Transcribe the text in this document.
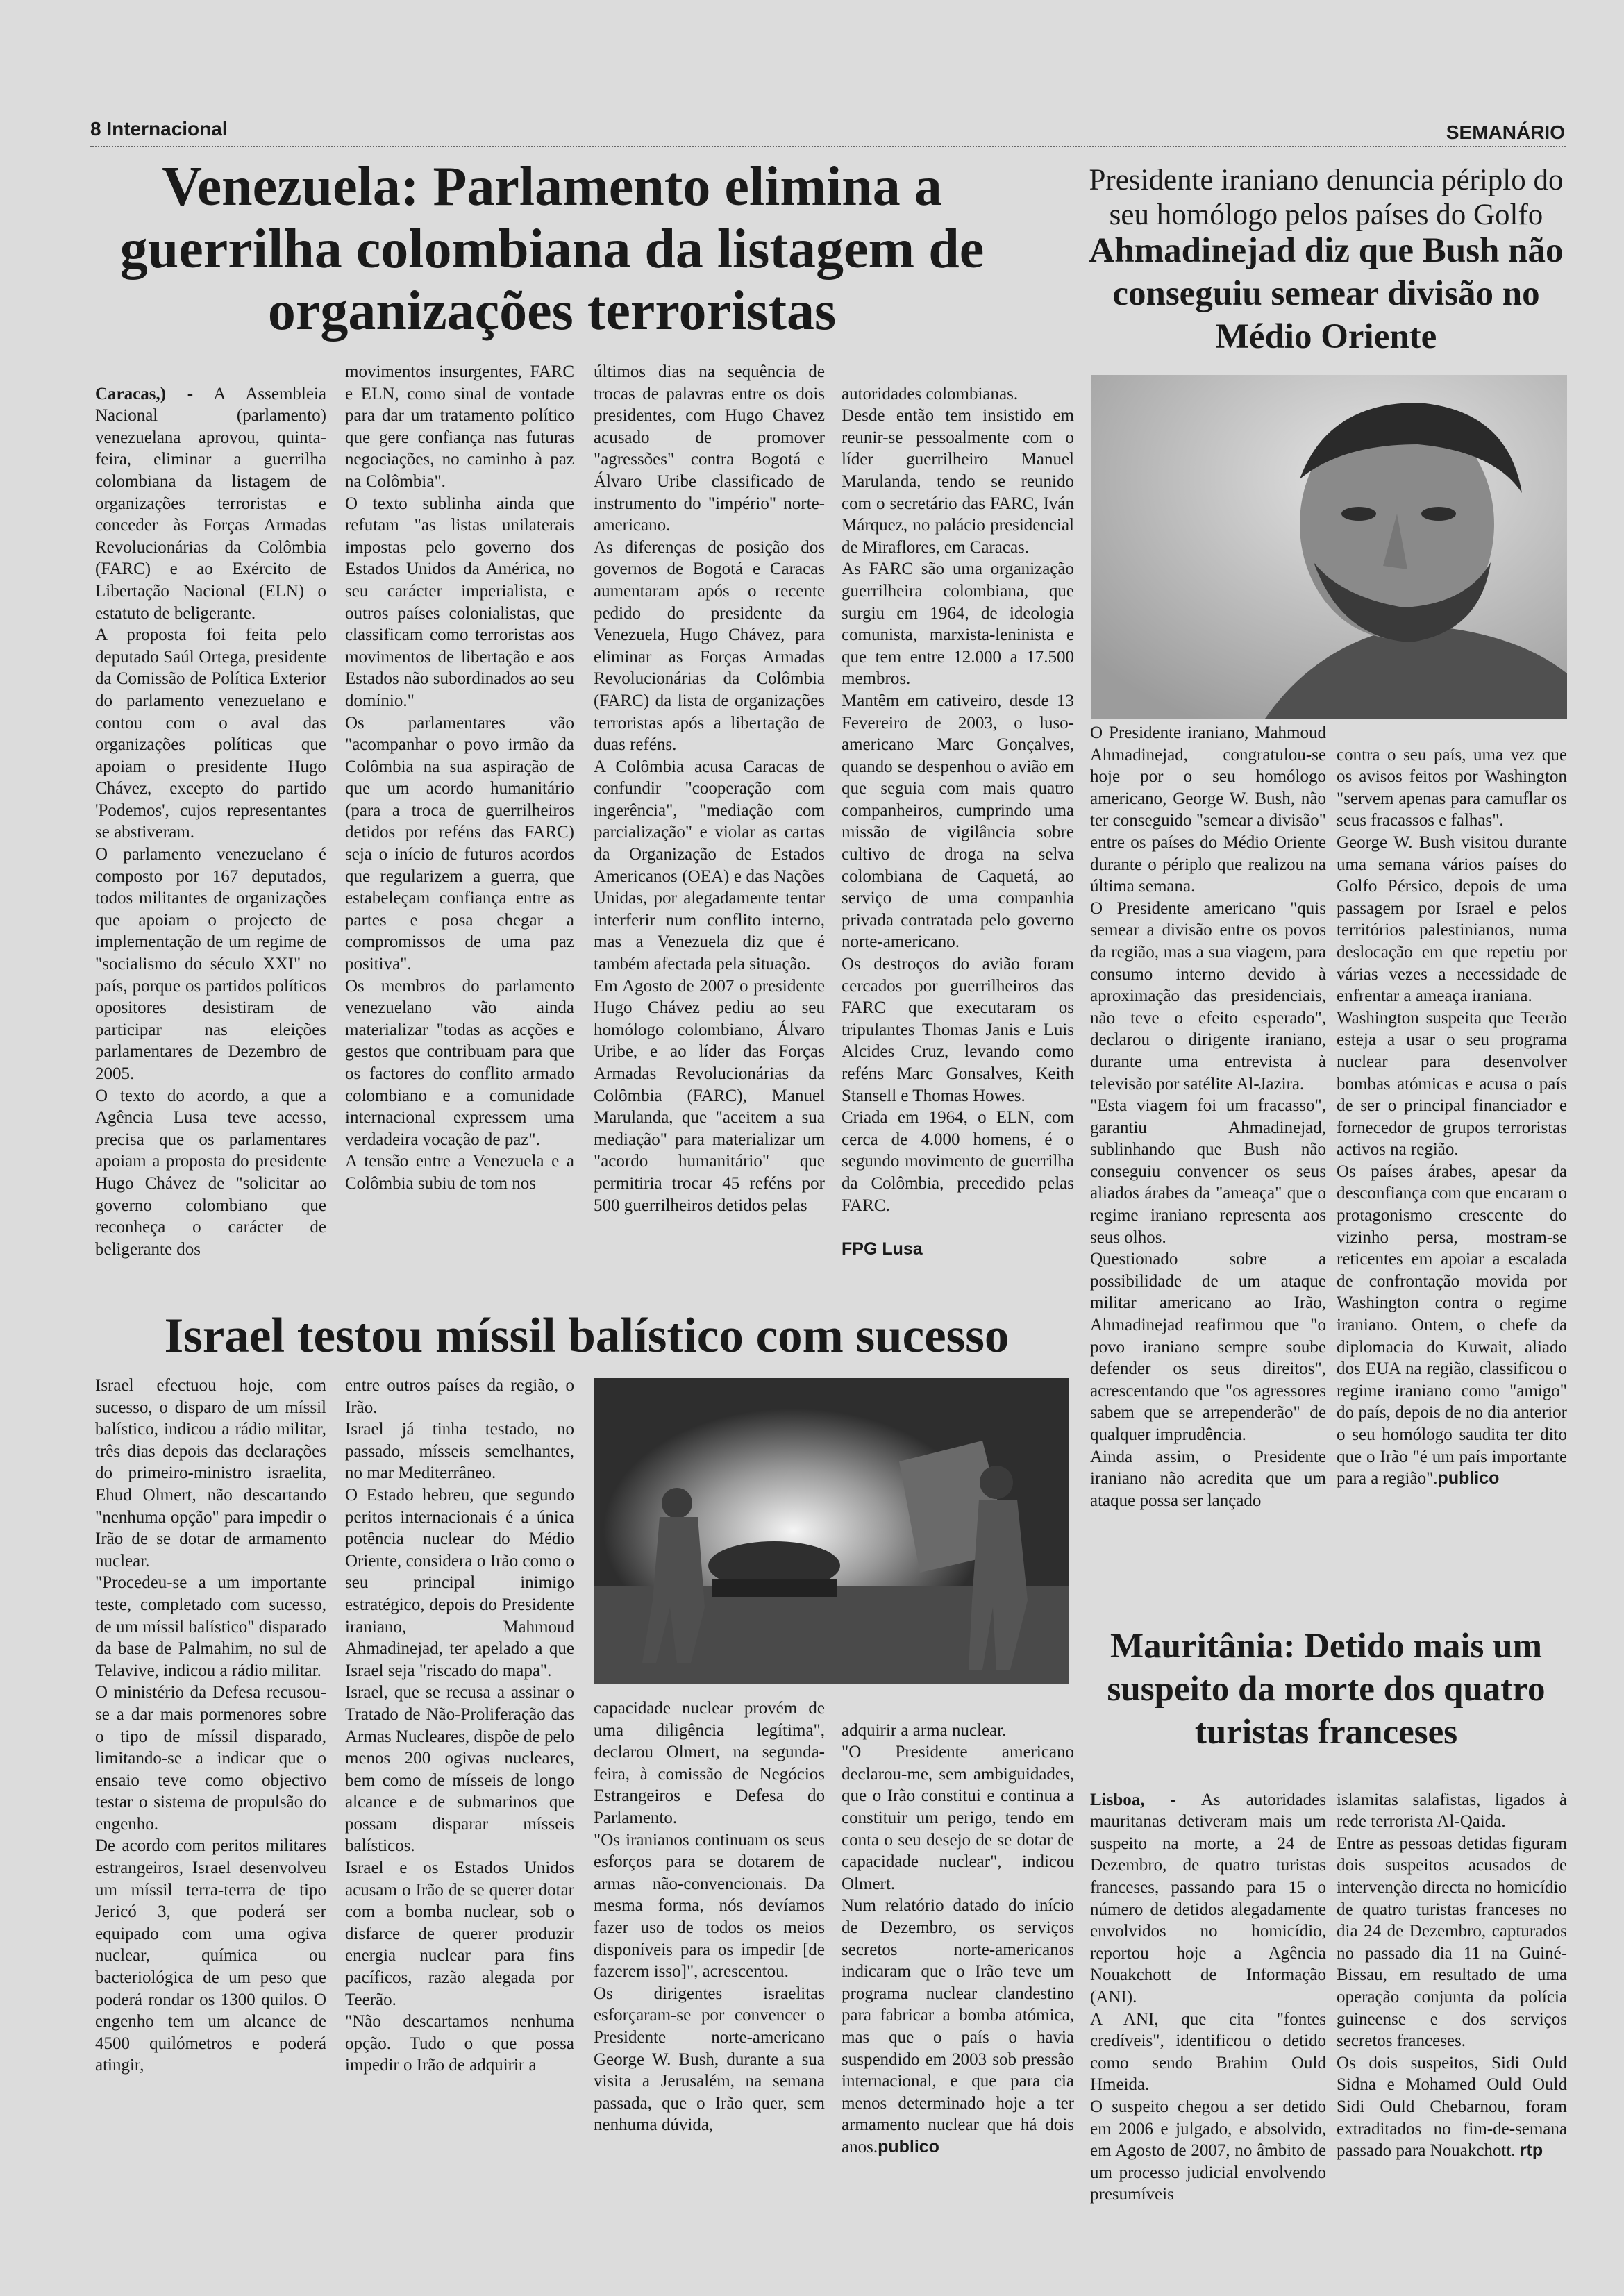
8 Internacional	SEMANÁRIO
Venezuela: Parlamento elimina a
guerrilha colombiana da listagem de
organizações terroristas

Caracas,) - A Assembleia Nacional (parlamento) venezuelana aprovou, quinta-feira, eliminar a guerrilha colombiana da listagem de organizações terroristas e conceder às Forças Armadas Revolucionárias da Colômbia (FARC) e ao Exército de Libertação Nacional (ELN) o estatuto de beligerante.
A proposta foi feita pelo deputado Saúl Ortega, presidente da Comissão de Política Exterior do parlamento venezuelano e contou com o aval das organizações políticas que apoiam o presidente Hugo Chávez, excepto do partido 'Podemos', cujos representantes se abstiveram.
O parlamento venezuelano é composto por 167 deputados, todos militantes de organizações que apoiam o projecto de implementação de um regime de "socialismo do século XXI" no país, porque os partidos políticos opositores desistiram de participar nas eleições parlamentares de Dezembro de 2005.
O texto do acordo, a que a Agência Lusa teve acesso, precisa que os parlamentares apoiam a proposta do presidente Hugo Chávez de "solicitar ao governo colombiano que reconheça o carácter de beligerante dos

movimentos insurgentes, FARC e ELN, como sinal de vontade para dar um tratamento político que gere confiança nas futuras negociações, no caminho à paz na Colômbia".
O texto sublinha ainda que refutam "as listas unilaterais impostas pelo governo dos Estados Unidos da América, no seu carácter imperialista, e outros países colonialistas, que classificam como terroristas aos movimentos de libertação e aos Estados não subordinados ao seu domínio."
Os parlamentares vão "acompanhar o povo irmão da Colômbia na sua aspiração de que um acordo humanitário (para a troca de guerrilheiros detidos por reféns das FARC) seja o início de futuros acordos que regularizem a guerra, que estabeleçam confiança entre as partes e posa chegar a compromissos de uma paz positiva".
Os membros do parlamento venezuelano vão ainda materializar "todas as acções e gestos que contribuam para que os factores do conflito armado colombiano e a comunidade internacional expressem uma verdadeira vocação de paz".
A tensão entre a Venezuela e a Colômbia subiu de tom nos
últimos dias na sequência de trocas de palavras entre os dois presidentes, com Hugo Chavez acusado de promover "agressões" contra Bogotá e Álvaro Uribe classificado de instrumento do "império" norte-americano.
As diferenças de posição dos governos de Bogotá e Caracas aumentaram após o recente pedido do presidente da Venezuela, Hugo Chávez, para eliminar as Forças Armadas Revolucionárias da Colômbia (FARC) da lista de organizações terroristas após a libertação de duas reféns.
A Colômbia acusa Caracas de confundir "cooperação com ingerência", "mediação com parcialização" e violar as cartas da Organização de Estados Americanos (OEA) e das Nações Unidas, por alegadamente tentar interferir num conflito interno, mas a Venezuela diz que é também afectada pela situação.
Em Agosto de 2007 o presidente Hugo Chávez pediu ao seu homólogo colombiano, Álvaro Uribe, e ao líder das Forças Armadas Revolucionárias da Colômbia (FARC), Manuel Marulanda, que "aceitem a sua mediação" para materializar um "acordo humanitário" que permitiria trocar 45 reféns por 500 guerrilheiros detidos pelas

autoridades colombianas.
Desde então tem insistido em reunir-se pessoalmente com o líder guerrilheiro Manuel Marulanda, tendo se reunido com o secretário das FARC, Iván Márquez, no palácio presidencial de Miraflores, em Caracas.
As FARC são uma organização guerrilheira colombiana, que surgiu em 1964, de ideologia comunista, marxista-leninista e que tem entre 12.000 a 17.500 membros.
Mantêm em cativeiro, desde 13 Fevereiro de 2003, o luso-americano Marc Gonçalves, quando se despenhou o avião em que seguia com mais quatro companheiros, cumprindo uma missão de vigilância sobre cultivo de droga na selva colombiana de Caquetá, ao serviço de uma companhia privada contratada pelo governo norte-americano.
Os destroços do avião foram cercados por guerrilheiros das FARC que executaram os tripulantes Thomas Janis e Luis Alcides Cruz, levando como reféns Marc Gonsalves, Keith Stansell e Thomas Howes.
Criada em 1964, o ELN, com cerca de 4.000 homens, é o segundo movimento de guerrilha da Colômbia, precedido pelas FARC.

FPG Lusa

Presidente iraniano denuncia périplo do seu homólogo pelos países do Golfo
Ahmadinejad diz que Bush não conseguiu semear divisão no Médio Oriente
O Presidente iraniano, Mahmoud Ahmadinejad, congratulou-se hoje por o seu homólogo americano, George W. Bush, não ter conseguido "semear a divisão" entre os países do Médio Oriente durante o périplo que realizou na última semana.
O Presidente americano "quis semear a divisão entre os povos da região, mas a sua viagem, para consumo interno devido à aproximação das presidenciais, não teve o efeito esperado", declarou o dirigente iraniano, durante uma entrevista à televisão por satélite Al-Jazira.
"Esta viagem foi um fracasso", garantiu Ahmadinejad, sublinhando que Bush não conseguiu convencer os seus aliados árabes da "ameaça" que o regime iraniano representa aos seus olhos.
Questionado sobre a possibilidade de um ataque militar americano ao Irão, Ahmadinejad reafirmou que "o povo iraniano sempre soube defender os seus direitos", acrescentando que "os agressores sabem que se arrependerão" de qualquer imprudência.
Ainda assim, o Presidente iraniano não acredita que um ataque possa ser lançado

contra o seu país, uma vez que os avisos feitos por Washington "servem apenas para camuflar os seus fracassos e falhas".
George W. Bush visitou durante uma semana vários países do Golfo Pérsico, depois de uma passagem por Israel e pelos territórios palestinianos, numa deslocação em que repetiu por várias vezes a necessidade de enfrentar a ameaça iraniana.
Washington suspeita que Teerão esteja a usar o seu programa nuclear para desenvolver bombas atómicas e acusa o país de ser o principal financiador e fornecedor de grupos terroristas activos na região.
Os países árabes, apesar da desconfiança com que encaram o protagonismo crescente do vizinho persa, mostram-se reticentes em apoiar a escalada de confrontação movida por Washington contra o regime iraniano. Ontem, o chefe da diplomacia do Kuwait, aliado dos EUA na região, classificou o regime iraniano como "amigo" do país, depois de no dia anterior o seu homólogo saudita ter dito que o Irão "é um país importante para a região".publico

Israel testou míssil balístico com sucesso
Israel efectuou hoje, com sucesso, o disparo de um míssil balístico, indicou a rádio militar, três dias depois das declarações do primeiro-ministro israelita, Ehud Olmert, não descartando "nenhuma opção" para impedir o Irão de se dotar de armamento nuclear.
"Procedeu-se a um importante teste, completado com sucesso, de um míssil balístico" disparado da base de Palmahim, no sul de Telavive, indicou a rádio militar.
O ministério da Defesa recusou-se a dar mais pormenores sobre o tipo de míssil disparado, limitando-se a indicar que o ensaio teve como objectivo testar o sistema de propulsão do engenho.
De acordo com peritos militares estrangeiros, Israel desenvolveu um míssil terra-terra de tipo Jericó 3, que poderá ser equipado com uma ogiva nuclear, química ou bacteriológica de um peso que poderá rondar os 1300 quilos. O engenho tem um alcance de 4500 quilómetros e poderá atingir,
entre outros países da região, o Irão.
Israel já tinha testado, no passado, mísseis semelhantes, no mar Mediterrâneo.
O Estado hebreu, que segundo peritos internacionais é a única potência nuclear do Médio Oriente, considera o Irão como o seu principal inimigo estratégico, depois do Presidente iraniano, Mahmoud Ahmadinejad, ter apelado a que Israel seja "riscado do mapa".
Israel, que se recusa a assinar o Tratado de Não-Proliferação das Armas Nucleares, dispõe de pelo menos 200 ogivas nucleares, bem como de mísseis de longo alcance e de submarinos que possam disparar mísseis balísticos.
Israel e os Estados Unidos acusam o Irão de se querer dotar com a bomba nuclear, sob o disfarce de querer produzir energia nuclear para fins pacíficos, razão alegada por Teerão.
"Não descartamos nenhuma opção. Tudo o que possa impedir o Irão de adquirir a
capacidade nuclear provém de uma diligência legítima", declarou Olmert, na segunda-feira, à comissão de Negócios Estrangeiros e Defesa do Parlamento.
"Os iranianos continuam os seus esforços para se dotarem de armas não-convencionais. Da mesma forma, nós devíamos fazer uso de todos os meios disponíveis para os impedir [de fazerem isso]", acrescentou.
Os dirigentes israelitas esforçaram-se por convencer o Presidente norte-americano George W. Bush, durante a sua visita a Jerusalém, na semana passada, que o Irão quer, sem nenhuma dúvida,

adquirir a arma nuclear.
"O Presidente americano declarou-me, sem ambiguidades, que o Irão constitui e continua a constituir um perigo, tendo em conta o seu desejo de se dotar de capacidade nuclear", indicou Olmert.
Num relatório datado do início de Dezembro, os serviços secretos norte-americanos indicaram que o Irão teve um programa nuclear clandestino para fabricar a bomba atómica, mas que o país o havia suspendido em 2003 sob pressão internacional, e que para cia menos determinado hoje a ter armamento nuclear que há dois anos.publico

Mauritânia: Detido mais um suspeito da morte dos quatro turistas franceses

Lisboa, - As autoridades mauritanas detiveram mais um suspeito na morte, a 24 de Dezembro, de quatro turistas franceses, passando para 15 o número de detidos alegadamente envolvidos no homicídio, reportou hoje a Agência Nouakchott de Informação (ANI).
A ANI, que cita "fontes credíveis", identificou o detido como sendo Brahim Ould Hmeida.
O suspeito chegou a ser detido em 2006 e julgado, e absolvido, em Agosto de 2007, no âmbito de um processo judicial envolvendo presumíveis

islamitas salafistas, ligados à rede terrorista Al-Qaida.
Entre as pessoas detidas figuram dois suspeitos acusados de intervenção directa no homicídio de quatro turistas franceses no dia 24 de Dezembro, capturados no passado dia 11 na Guiné-Bissau, em resultado de uma operação conjunta da polícia guineense e dos serviços secretos franceses.
Os dois suspeitos, Sidi Ould Sidna e Mohamed Ould Ould Sidi Ould Chebarnou, foram extraditados no fim-de-semana passado para Nouakchott. rtp
